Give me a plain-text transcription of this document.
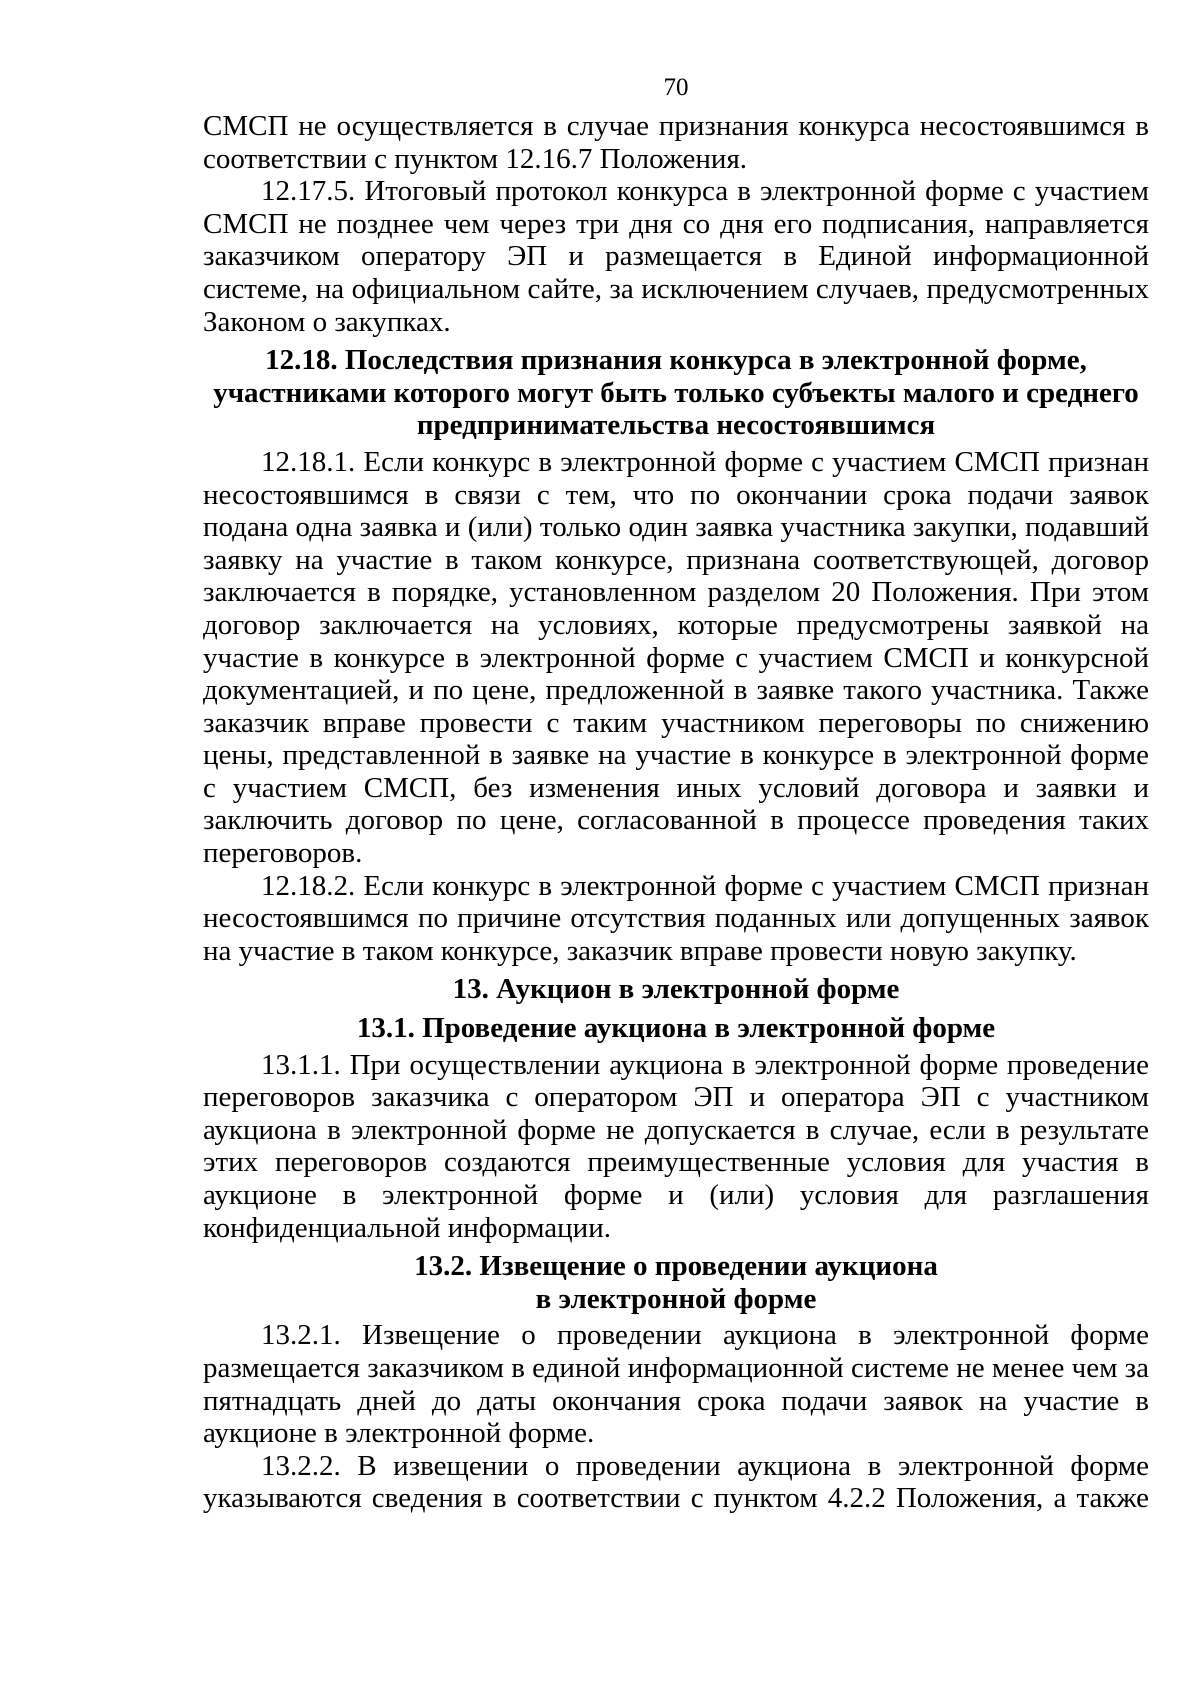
70

СМСП не осуществляется в случае признания конкурса несостоявшимся в соответствии с пунктом 12.16.7 Положения.

12.17.5. Итоговый протокол конкурса в электронной форме с участием СМСП не позднее чем через три дня со дня его подписания, направляется заказчиком оператору ЭП и размещается в Единой информационной системе, на официальном сайте, за исключением случаев, предусмотренных Законом о закупках.

12.18. Последствия признания конкурса в электронной форме,
участниками которого могут быть только субъекты малого и среднего
предпринимательства несостоявшимся

12.18.1. Если конкурс в электронной форме с участием СМСП признан несостоявшимся в связи с тем, что по окончании срока подачи заявок подана одна заявка и (или) только один заявка участника закупки, подавший заявку на участие в таком конкурсе, признана соответствующей, договор заключается в порядке, установленном разделом 20 Положения. При этом договор заключается на условиях, которые предусмотрены заявкой на участие в конкурсе в электронной форме с участием СМСП и конкурсной документацией, и по цене, предложенной в заявке такого участника. Также заказчик вправе провести с таким участником переговоры по снижению цены, представленной в заявке на участие в конкурсе в электронной форме с участием СМСП, без изменения иных условий договора и заявки и заключить договор по цене, согласованной в процессе проведения таких переговоров.

12.18.2. Если конкурс в электронной форме с участием СМСП признан несостоявшимся по причине отсутствия поданных или допущенных заявок на участие в таком конкурсе, заказчик вправе провести новую закупку.

13. Аукцион в электронной форме
13.1. Проведение аукциона в электронной форме

13.1.1. При осуществлении аукциона в электронной форме проведение переговоров заказчика с оператором ЭП и оператора ЭП с участником аукциона в электронной форме не допускается в случае, если в результате этих переговоров создаются преимущественные условия для участия в аукционе в электронной форме и (или) условия для разглашения конфиденциальной информации.

13.2. Извещение о проведении аукциона
в электронной форме

13.2.1. Извещение о проведении аукциона в электронной форме размещается заказчиком в единой информационной системе не менее чем за пятнадцать дней до даты окончания срока подачи заявок на участие в аукционе в электронной форме.

13.2.2. В извещении о проведении аукциона в электронной форме указываются сведения в соответствии с пунктом 4.2.2 Положения, а также
